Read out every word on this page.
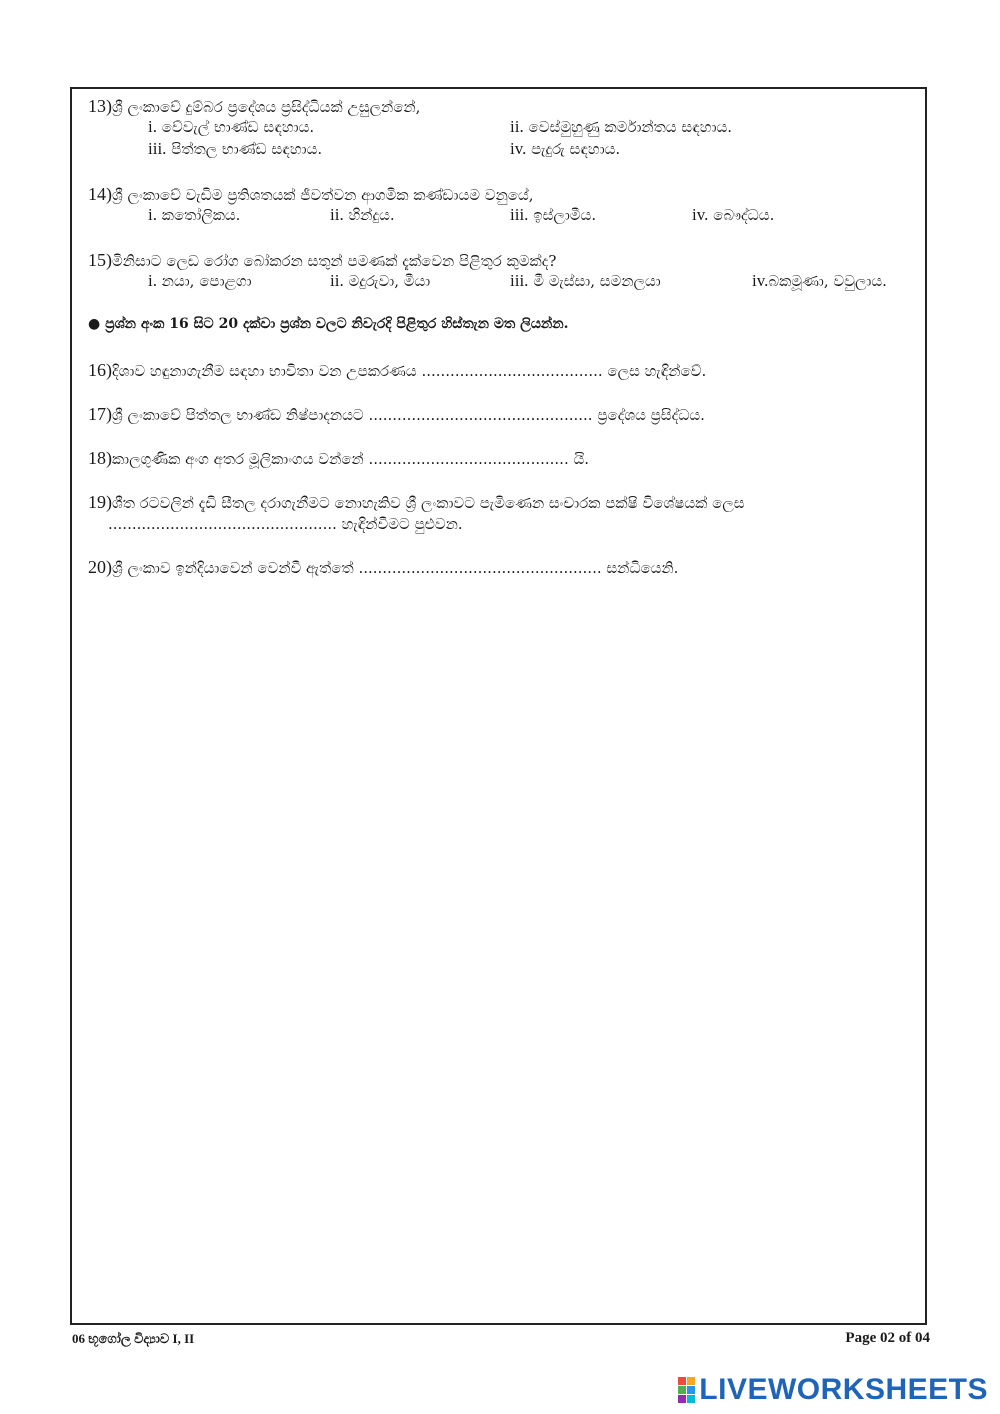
13)ශ්‍රී ලංකාවේ දුම්බර ප්‍රදේශය ප්‍රසිද්ධියක් උසුලන්නේ,
i. වේවැල් භාණ්ඩ සඳහාය.	ii. වෙස්මුහුණු කර්මාන්තය සඳහාය.
iii. පිත්තල භාණ්ඩ සඳහාය.	iv. පැදුරු සඳහාය.
14)ශ්‍රී ලංකාවේ වැඩිම ප්‍රතිශතයක් ජීවත්වන ආගමික කණ්ඩායම වනුයේ,
i. කතෝලිකය.	ii. හින්දුය.	iii. ඉස්ලාමීය.	iv. බෞද්ධය.
15)මිනිසාට ලෙඩ රෝග බෝකරන සතුන් පමණක් දැක්වෙන පිළිතුර කුමක්ද?
i. නයා, පොළගා	ii. මදුරුවා, මීයා	iii. මී මැස්සා, සමනලයා	iv.බකමූණා, වවුලාය.
● ප්‍රශ්න අංක 16 සිට 20 දක්වා ප්‍රශ්න වලට නිවැරදි පිළිතුර හිස්තැන මත ලියන්න.
16)දිශාව හඳුනාගැනීම සඳහා භාවිතා වන උපකරණය ...................................... ලෙස හැඳින්වේ.
17)ශ්‍රී ලංකාවේ පිත්තල භාණ්ඩ නිෂ්පාදනයට ............................................... ප්‍රදේශය ප්‍රසිද්ධය.
18)කාලගුණික අංග අතර මූලිකාංගය වන්නේ .......................................... යි.
19)ශීත රටවලින් දැඩි සීතල දරාගැනීමට නොහැකිව ශ්‍රී ලංකාවට පැමිණෙන සංචාරක පක්ෂි විශේෂයක් ලෙස
................................................ හැඳින්වීමට පුළුවන.
20)ශ්‍රී ලංකාව ඉන්දියාවෙන් වෙන්වී ඇත්තේ ................................................... සන්ධියෙනි.
06 භූගෝල විද්‍යාව I, II	Page 02 of 04
LIVEWORKSHEETS
